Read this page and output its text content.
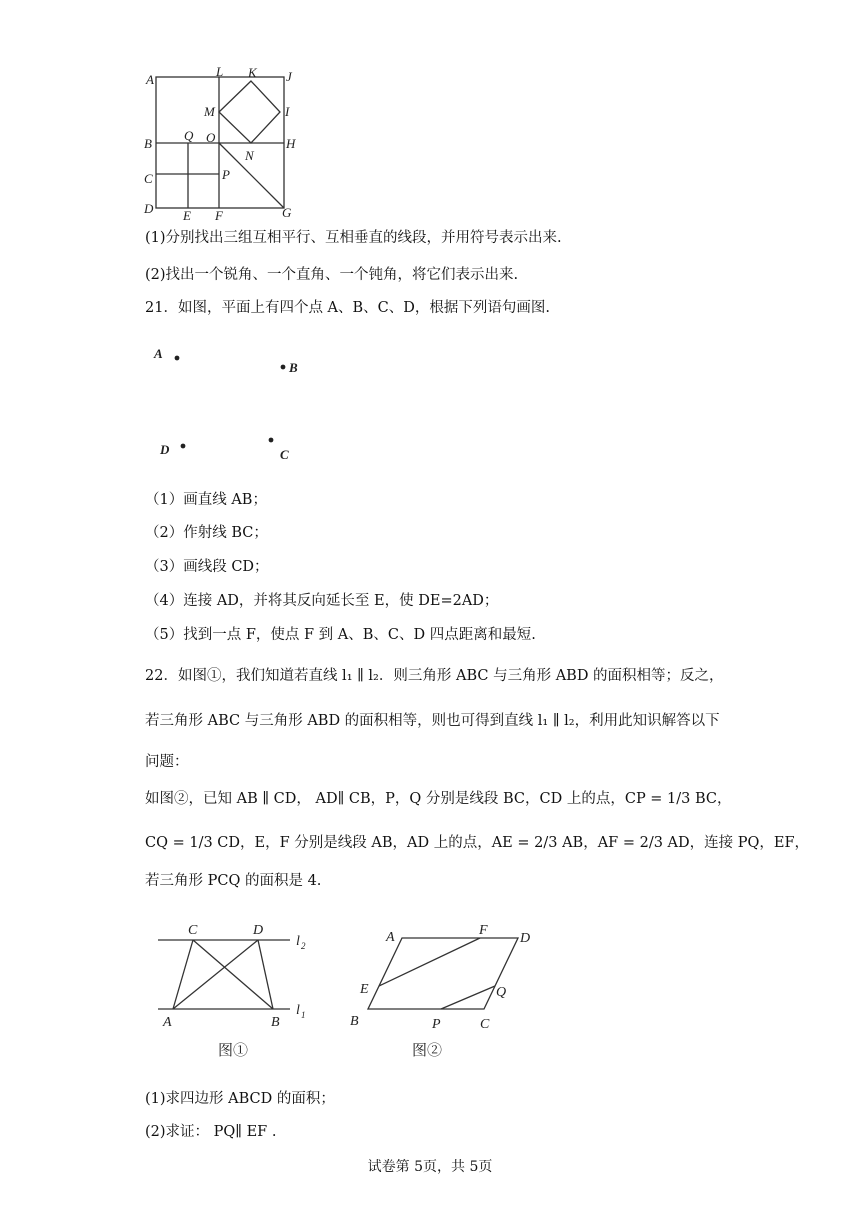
A
L K J
M	I
B
Q O	H
N
C	P
D E F	G
(1)分别找出三组互相平行、互相垂直的线段，并用符号表示出来.
(2)找出一个锐角、一个直角、一个钝角，将它们表示出来.
21．如图，平面上有四个点 A、B、C、D，根据下列语句画图.
A
B
D	C
（1）画直线 AB；
（2）作射线 BC；
（3）画线段 CD；
（4）连接 AD，并将其反向延长至 E，使 DE=2AD；
（5）找到一点 F，使点 F 到 A、B、C、D 四点距离和最短.
22．如图①，我们知道若直线 l₁ ∥ l₂．则三角形 ABC 与三角形 ABD 的面积相等；反之，
若三角形 ABC 与三角形 ABD 的面积相等，则也可得到直线 l₁ ∥ l₂，利用此知识解答以下
问题：
如图②，已知 AB ∥ CD， AD∥ CB，P，Q 分别是线段 BC，CD 上的点，CP = 1/3 BC，
CQ = 1/3 CD，E，F 分别是线段 AB，AD 上的点，AE = 2/3 AB，AF = 2/3 AD，连接 PQ，EF，
若三角形 PCQ 的面积是 4.
C	D
l 2
A	B
l 1
图①
A	F
D
E	Q
B	P	C
图②
(1)求四边形 ABCD 的面积；
(2)求证： PQ∥ EF .
试卷第 5页，共 5页
